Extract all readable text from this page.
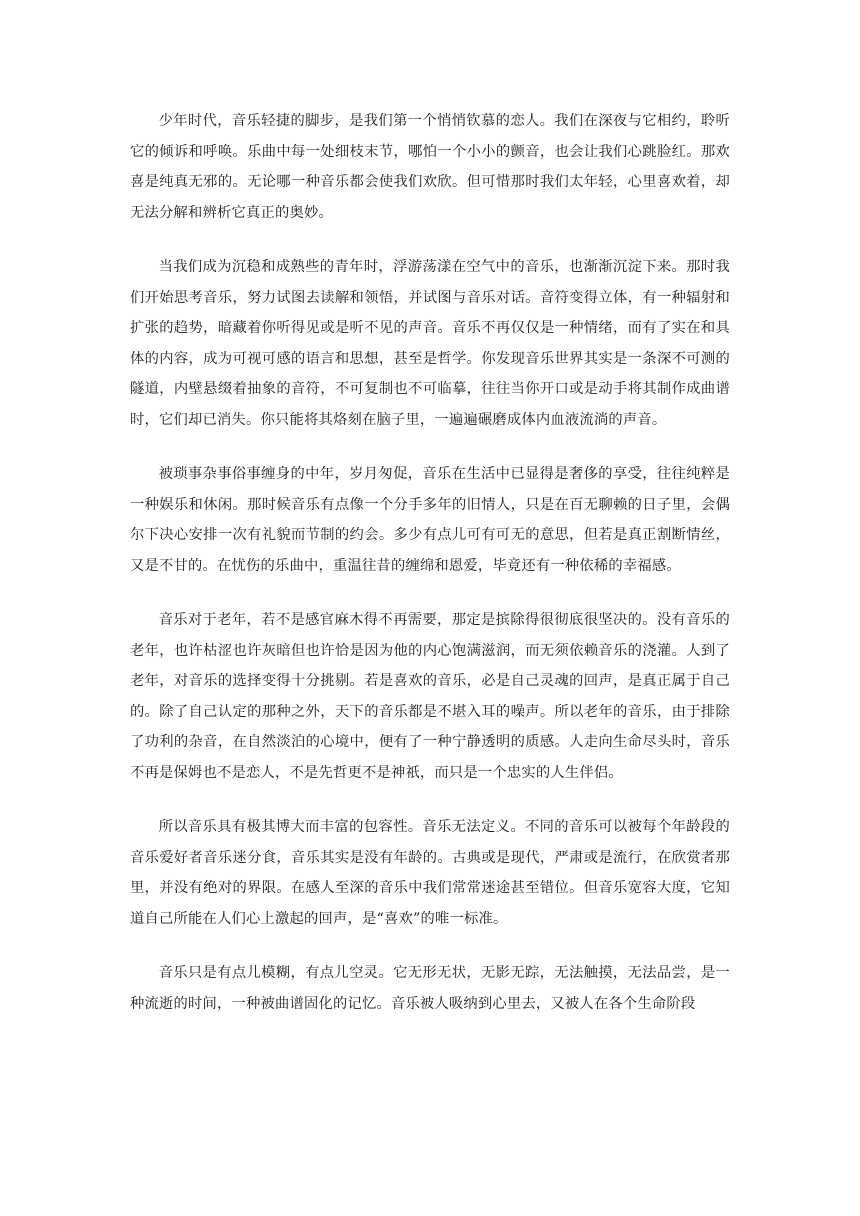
少年时代，音乐轻捷的脚步，是我们第一个悄悄钦慕的恋人。我们在深夜与它相约，聆听它的倾诉和呼唤。乐曲中每一处细枝末节，哪怕一个小小的颤音，也会让我们心跳脸红。那欢喜是纯真无邪的。无论哪一种音乐都会使我们欢欣。但可惜那时我们太年轻，心里喜欢着，却无法分解和辨析它真正的奥妙。

当我们成为沉稳和成熟些的青年时，浮游荡漾在空气中的音乐，也渐渐沉淀下来。那时我们开始思考音乐，努力试图去读解和领悟，并试图与音乐对话。音符变得立体，有一种辐射和扩张的趋势，暗藏着你听得见或是听不见的声音。音乐不再仅仅是一种情绪，而有了实在和具体的内容，成为可视可感的语言和思想，甚至是哲学。你发现音乐世界其实是一条深不可测的隧道，内壁悬缀着抽象的音符，不可复制也不可临摹，往往当你开口或是动手将其制作成曲谱时，它们却已消失。你只能将其烙刻在脑子里，一遍遍碾磨成体内血液流淌的声音。

被琐事杂事俗事缠身的中年，岁月匆促，音乐在生活中已显得是奢侈的享受，往往纯粹是一种娱乐和休闲。那时候音乐有点像一个分手多年的旧情人，只是在百无聊赖的日子里，会偶尔下决心安排一次有礼貌而节制的约会。多少有点儿可有可无的意思，但若是真正割断情丝，又是不甘的。在忧伤的乐曲中，重温往昔的缠绵和恩爱，毕竟还有一种依稀的幸福感。

音乐对于老年，若不是感官麻木得不再需要，那定是摈除得很彻底很坚决的。没有音乐的老年，也许枯涩也许灰暗但也许恰是因为他的内心饱满滋润，而无须依赖音乐的浇灌。人到了老年，对音乐的选择变得十分挑剔。若是喜欢的音乐，必是自己灵魂的回声，是真正属于自己的。除了自己认定的那种之外，天下的音乐都是不堪入耳的噪声。所以老年的音乐，由于排除了功利的杂音，在自然淡泊的心境中，便有了一种宁静透明的质感。人走向生命尽头时，音乐不再是保姆也不是恋人，不是先哲更不是神祇，而只是一个忠实的人生伴侣。

所以音乐具有极其博大而丰富的包容性。音乐无法定义。不同的音乐可以被每个年龄段的音乐爱好者音乐迷分食，音乐其实是没有年龄的。古典或是现代，严肃或是流行，在欣赏者那里，并没有绝对的界限。在感人至深的音乐中我们常常迷途甚至错位。但音乐宽容大度，它知道自己所能在人们心上激起的回声，是“喜欢”的唯一标准。

音乐只是有点儿模糊，有点儿空灵。它无形无状，无影无踪，无法触摸，无法品尝，是一种流逝的时间，一种被曲谱固化的记忆。音乐被人吸纳到心里去，又被人在各个生命阶段
